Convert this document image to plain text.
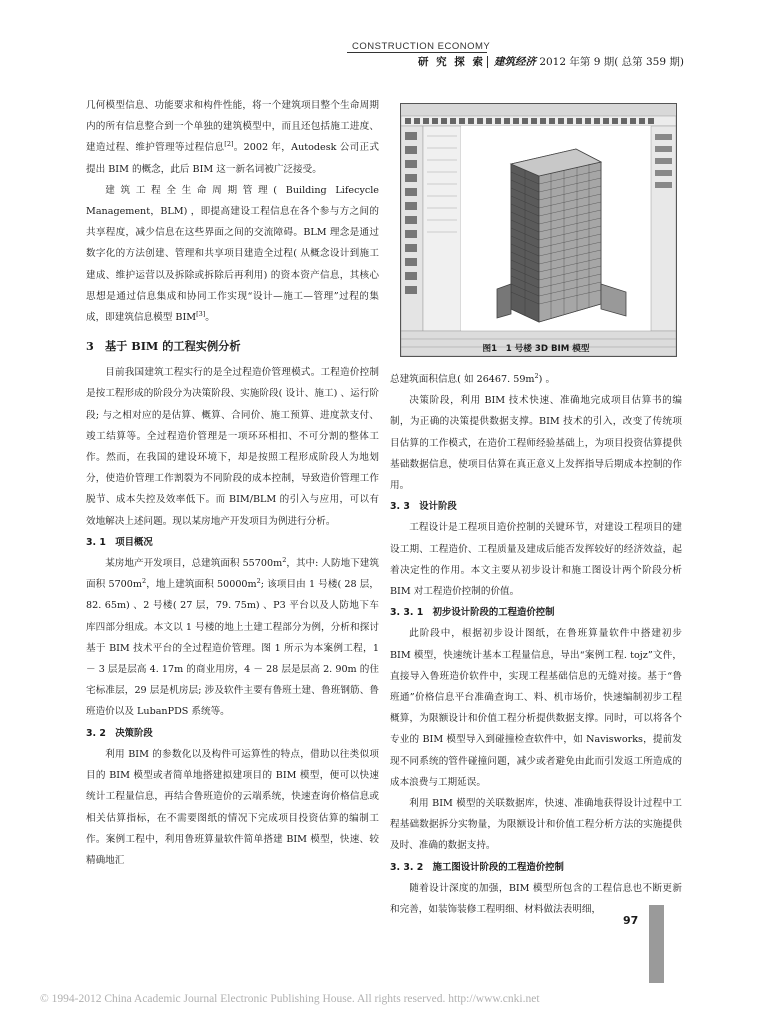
CONSTRUCTION ECONOMY
研 究 探 索 建筑经济 2012 年第 9 期( 总第 359 期)

几何模型信息、功能要求和构件性能，将一个建筑项目整个生命周期内的所有信息整合到一个单独的建筑模型中，而且还包括施工进度、建造过程、维护管理等过程信息[2]。2002 年，Autodesk 公司正式提出 BIM 的概念，此后 BIM 这一新名词被广泛接受。

建筑工程全生命周期管理( Building Lifecycle Management，BLM) ，即提高建设工程信息在各个参与方之间的共享程度，减少信息在这些界面之间的交流障碍。BLM 理念是通过数字化的方法创建、管理和共享项目建造全过程( 从概念设计到施工建成、维护运营以及拆除或拆除后再利用) 的资本资产信息，其核心思想是通过信息集成和协同工作实现“设计—施工—管理”过程的集成，即建筑信息模型 BIM[3]。

3　基于 BIM 的工程实例分析

目前我国建筑工程实行的是全过程造价管理模式。工程造价控制是按工程形成的阶段分为决策阶段、实施阶段( 设计、施工) 、运行阶段; 与之相对应的是估算、概算、合同价、施工预算、进度款支付、竣工结算等。全过程造价管理是一项环环相扣、不可分割的整体工作。然而，在我国的建设环境下，却是按照工程形成阶段人为地划分，使造价管理工作割裂为不同阶段的成本控制，导致造价管理工作脱节、成本失控及效率低下。而 BIM/BLM 的引入与应用，可以有效地解决上述问题。现以某房地产开发项目为例进行分析。

3. 1　项目概况

某房地产开发项目，总建筑面积 $55700m^2$，其中: 人防地下建筑面积 $5700m^2$，地上建筑面积 $50000m^2$; 该项目由 1 号楼( 28 层，82. 65m) 、2 号楼( 27 层，79. 75m) 、P3 平台以及人防地下车库四部分组成。本文以 1 号楼的地上土建工程部分为例，分析和探讨基于 BIM 技术平台的全过程造价管理。图 1 所示为本案例工程，1 － 3 层是层高 4. 17m 的商业用房，4 － 28 层是层高 2. 90m 的住宅标准层，29 层是机房层; 涉及软件主要有鲁班土建、鲁班钢筋、鲁班造价以及 LubanPDS 系统等。

3. 2　决策阶段

利用 BIM 的参数化以及构件可运算性的特点，借助以往类似项目的 BIM 模型或者简单地搭建拟建项目的 BIM 模型，便可以快速统计工程量信息，再结合鲁班造价的云端系统，快速查询价格信息或相关估算指标，在不需要图纸的情况下完成项目投资估算的编制工作。案例工程中，利用鲁班算量软件简单搭建 BIM 模型，快速、较精确地汇

图1　1 号楼 3D BIM 模型

总建筑面积信息( 如 26467. $59m^2$) 。

决策阶段，利用 BIM 技术快速、准确地完成项目估算书的编制，为正确的决策提供数据支撑。BIM 技术的引入，改变了传统项目估算的工作模式，在造价工程师经验基础上，为项目投资估算提供基础数据信息，使项目估算在真正意义上发挥指导后期成本控制的作用。

3. 3　设计阶段

工程设计是工程项目造价控制的关键环节，对建设工程项目的建设工期、工程造价、工程质量及建成后能否发挥较好的经济效益，起着决定性的作用。本文主要从初步设计和施工图设计两个阶段分析 BIM 对工程造价控制的价值。

3. 3. 1　初步设计阶段的工程造价控制

此阶段中，根据初步设计图纸，在鲁班算量软件中搭建初步 BIM 模型，快速统计基本工程量信息，导出“案例工程. tojz”文件，直接导入鲁班造价软件中，实现工程基础信息的无缝对接。基于“鲁班通”价格信息平台准确查询工、料、机市场价，快速编制初步工程概算，为限额设计和价值工程分析提供数据支撑。同时，可以将各个专业的 BIM 模型导入到碰撞检查软件中，如 Navisworks，提前发现不同系统的管件碰撞问题，减少或者避免由此而引发返工所造成的成本浪费与工期延误。

利用 BIM 模型的关联数据库，快速、准确地获得设计过程中工程基础数据拆分实物量，为限额设计和价值工程分析方法的实施提供及时、准确的数据支持。

3. 3. 2　施工图设计阶段的工程造价控制

随着设计深度的加强，BIM 模型所包含的工程信息也不断更新和完善，如装饰装修工程明细、材料做法表明细，

97
© 1994-2012 China Academic Journal Electronic Publishing House. All rights reserved. http://www.cnki.net
